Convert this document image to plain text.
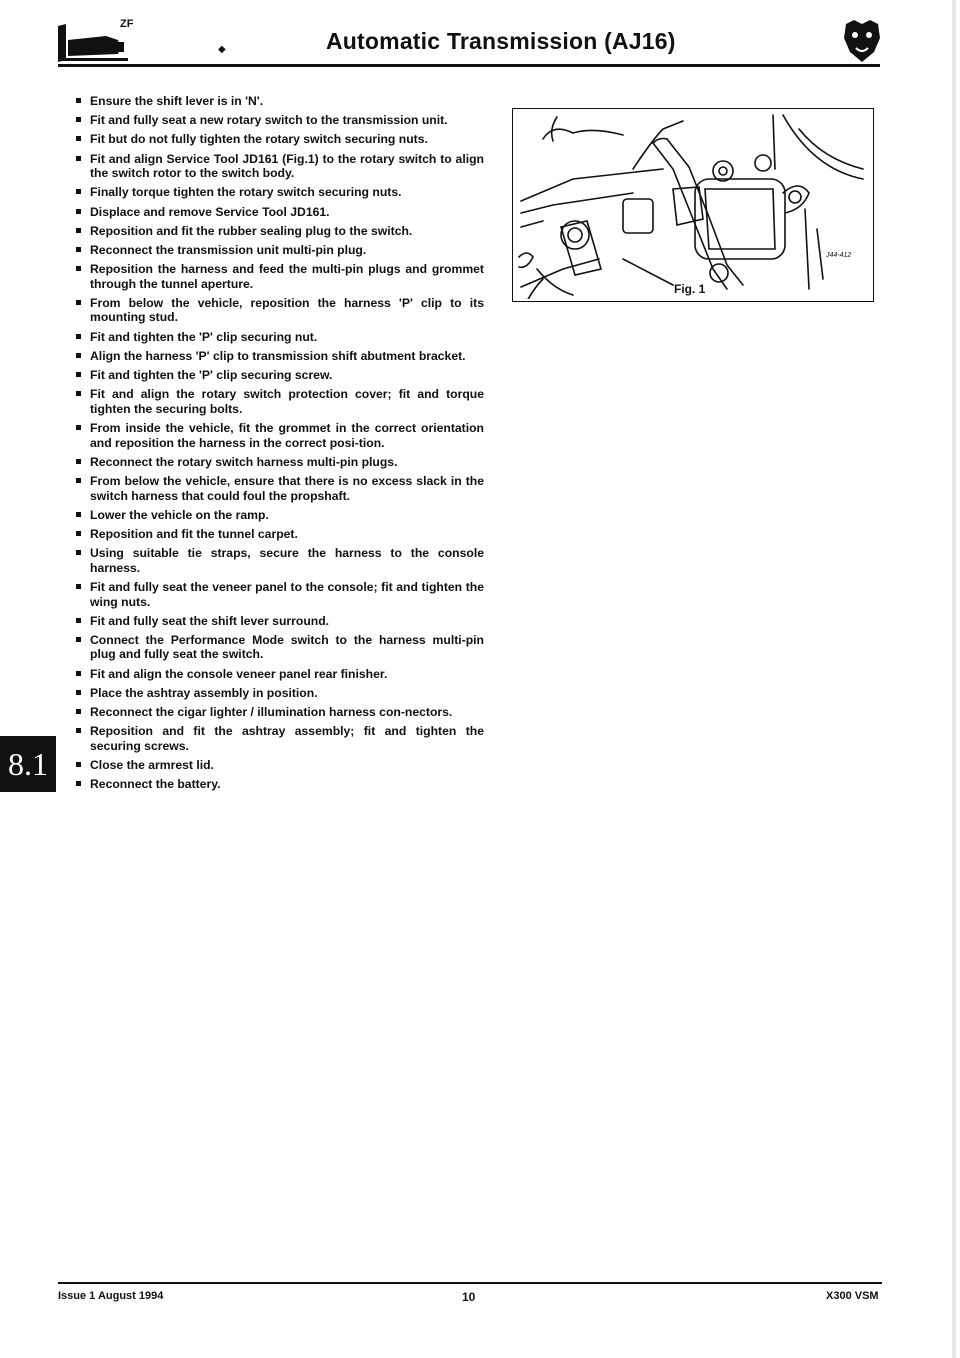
ZF
◆	Automatic Transmission (AJ16)
Ensure the shift lever is in 'N'.
Fit and fully seat a new rotary switch to the transmission unit.
Fit but do not fully tighten the rotary switch securing nuts.
Fit and align Service Tool JD161 (Fig.1) to the rotary switch to align the switch rotor to the switch body.
Finally torque tighten the rotary switch securing nuts.
Displace and remove Service Tool JD161.
Reposition and fit the rubber sealing plug to the switch.
Reconnect the transmission unit multi-pin plug.
Reposition the harness and feed the multi-pin plugs and grommet through the tunnel aperture.
From below the vehicle, reposition the harness 'P' clip to its mounting stud.
Fit and tighten the 'P' clip securing nut.
Align the harness 'P' clip to transmission shift abutment bracket.
Fit and tighten the 'P' clip securing screw.
Fit and align the rotary switch protection cover; fit and torque tighten the securing bolts.
From inside the vehicle, fit the grommet in the correct orientation and reposition the harness in the correct posi-tion.
Reconnect the rotary switch harness multi-pin plugs.
From below the vehicle, ensure that there is no excess slack in the switch harness that could foul the propshaft.
Lower the vehicle on the ramp.
Reposition and fit the tunnel carpet.
Using suitable tie straps, secure the harness to the console harness.
Fit and fully seat the veneer panel to the console; fit and tighten the wing nuts.
Fit and fully seat the shift lever surround.
Connect the Performance Mode switch to the harness multi-pin plug and fully seat the switch.
Fit and align the console veneer panel rear finisher.
Place the ashtray assembly in position.
Reconnect the cigar lighter / illumination harness con-nectors.
Reposition and fit the ashtray assembly; fit and tighten the securing screws.
Close the armrest lid.
Reconnect the battery.
J44-412
Fig. 1
8.1
Issue 1 August 1994	10	X300 VSM
